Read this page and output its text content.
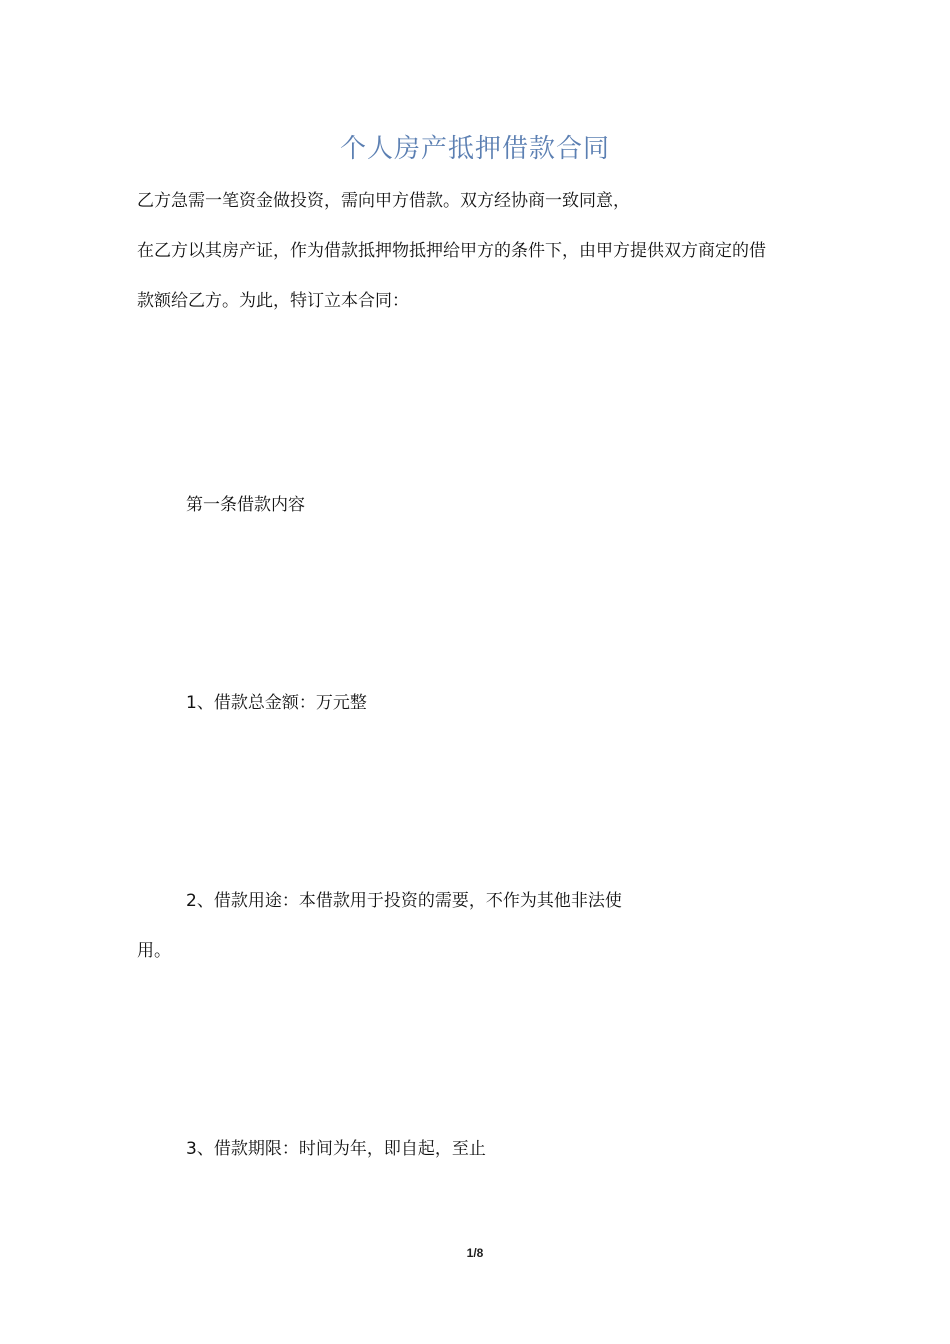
个人房产抵押借款合同
乙方急需一笔资金做投资，需向甲方借款。双方经协商一致同意，
在乙方以其房产证，作为借款抵押物抵押给甲方的条件下，由甲方提供双方商定的借
款额给乙方。为此，特订立本合同：
第一条借款内容
1、借款总金额：万元整
2、借款用途：本借款用于投资的需要，不作为其他非法使
用。
3、借款期限：时间为年，即自起，至止
1/8
